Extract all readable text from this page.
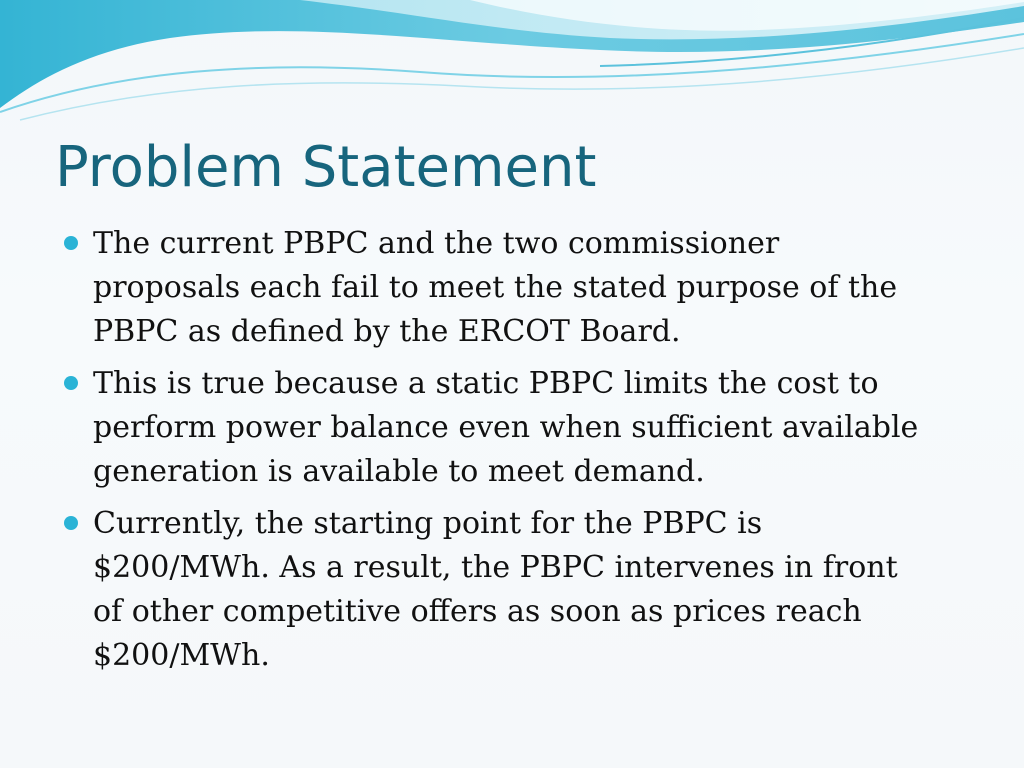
Problem Statement
The current PBPC and the two commissioner
proposals each fail to meet the stated purpose of the
PBPC as defined by the ERCOT Board.
This is true because a static PBPC limits the cost to
perform power balance even when sufficient available
generation is available to meet demand.
Currently, the starting point for the PBPC is
$200/MWh. As a result, the PBPC intervenes in front
of other competitive offers as soon as prices reach
$200/MWh.
